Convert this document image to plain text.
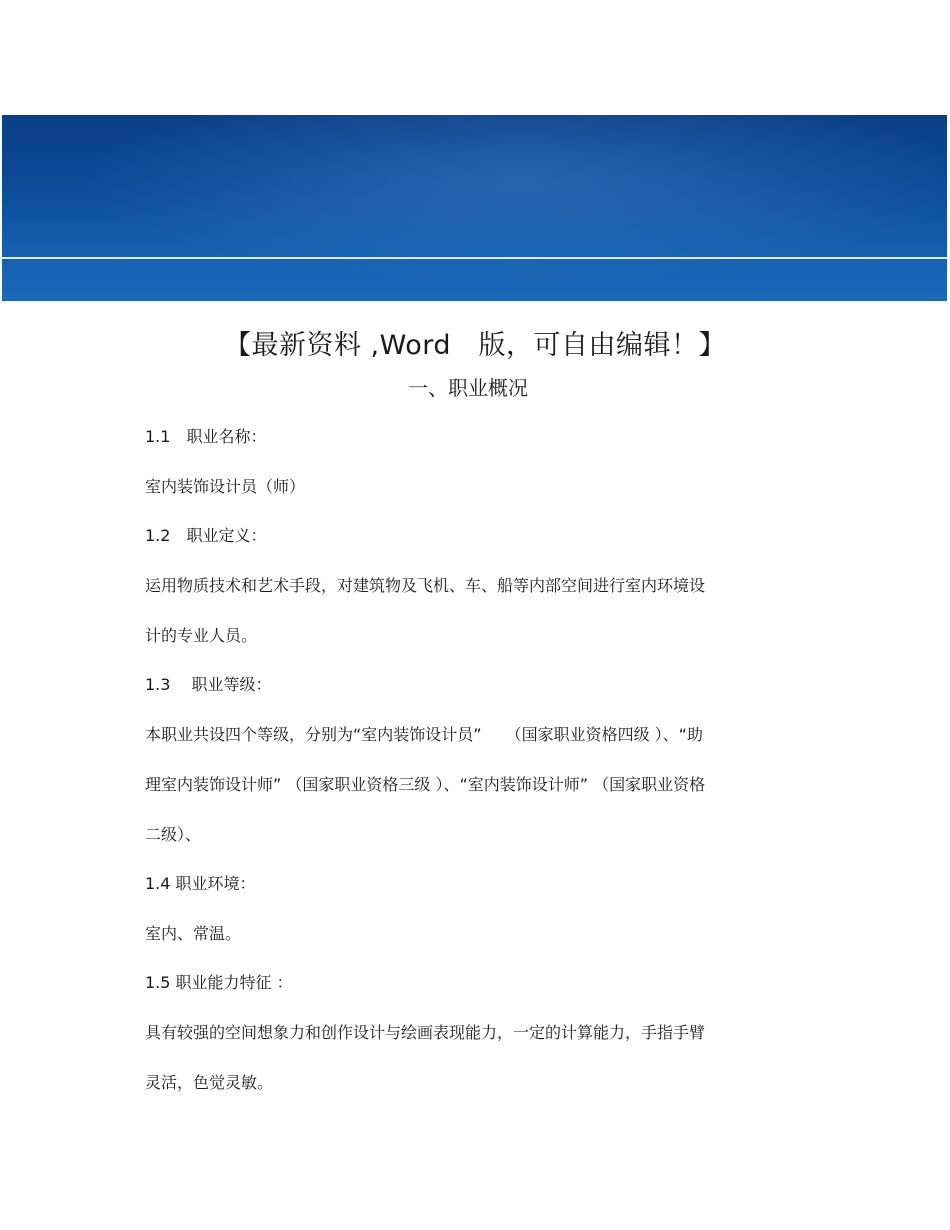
【最新资料 ,Word　版，可自由编辑！】
一、职业概况
1.1　职业名称：
室内装饰设计员（师）
1.2　职业定义：
运用物质技术和艺术手段，对建筑物及飞机、车、船等内部空间进行室内环境设
计的专业人员。
1.3　 职业等级：
本职业共设四个等级，分别为“室内装饰设计员”　　（国家职业资格四级 ）、“助
理室内装饰设计师” （国家职业资格三级 ）、“室内装饰设计师” （国家职业资格
二级）、
1.4 职业环境：
室内、常温。
1.5 职业能力特征 ：
具有较强的空间想象力和创作设计与绘画表现能力，一定的计算能力，手指手臂
灵活，色觉灵敏。
